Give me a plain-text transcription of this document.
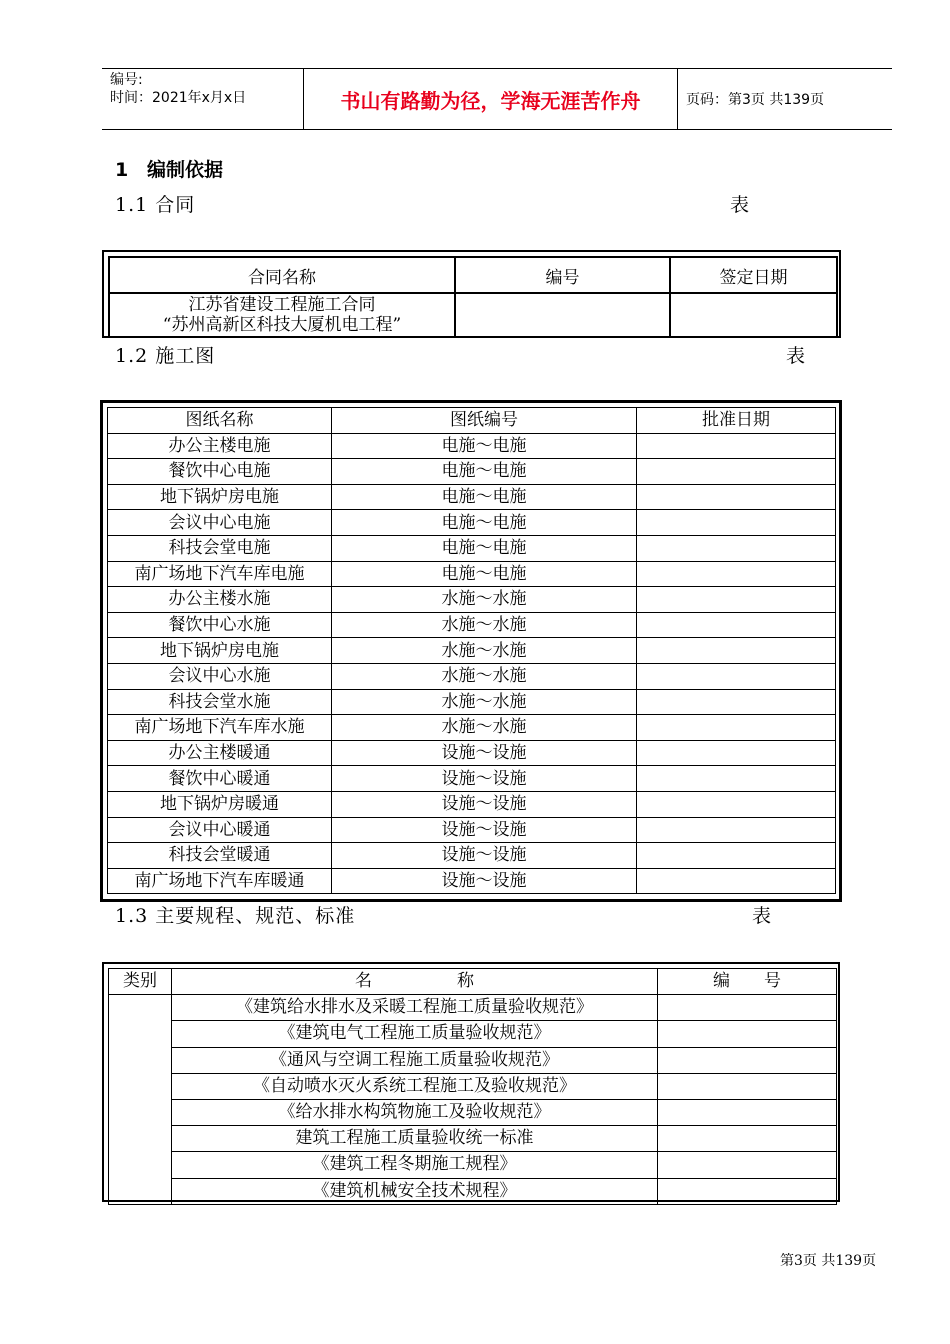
编号:
时间：2021年x月x日	书山有路勤为径，学海无涯苦作舟	页码：第3页 共139页
1 编制依据
1.1 合同	表
合同名称	编号	签定日期

江苏省建设工程施工合同
“苏州高新区科技大厦机电工程”		

1.2 施工图	表
图纸名称	图纸编号	批准日期
办公主楼电施	电施～电施	
餐饮中心电施	电施～电施	
地下锅炉房电施	电施～电施	
会议中心电施	电施～电施	
科技会堂电施	电施～电施	
南广场地下汽车库电施	电施～电施	
办公主楼水施	水施～水施	
餐饮中心水施	水施～水施	
地下锅炉房电施	水施～水施	
会议中心水施	水施～水施	
科技会堂水施	水施～水施	
南广场地下汽车库水施	水施～水施	
办公主楼暖通	设施～设施	
餐饮中心暖通	设施～设施	
地下锅炉房暖通	设施～设施	
会议中心暖通	设施～设施	
科技会堂暖通	设施～设施	
南广场地下汽车库暖通	设施～设施	
1.3 主要规程、规范、标准	表
类别	名　　　　　称	编　　号
	《建筑给水排水及采暖工程施工质量验收规范》	
	《建筑电气工程施工质量验收规范》	
	《通风与空调工程施工质量验收规范》	
	《自动喷水灭火系统工程施工及验收规范》	
	《给水排水构筑物施工及验收规范》	
	建筑工程施工质量验收统一标准	
	《建筑工程冬期施工规程》	
	《建筑机械安全技术规程》	
第3页 共139页
